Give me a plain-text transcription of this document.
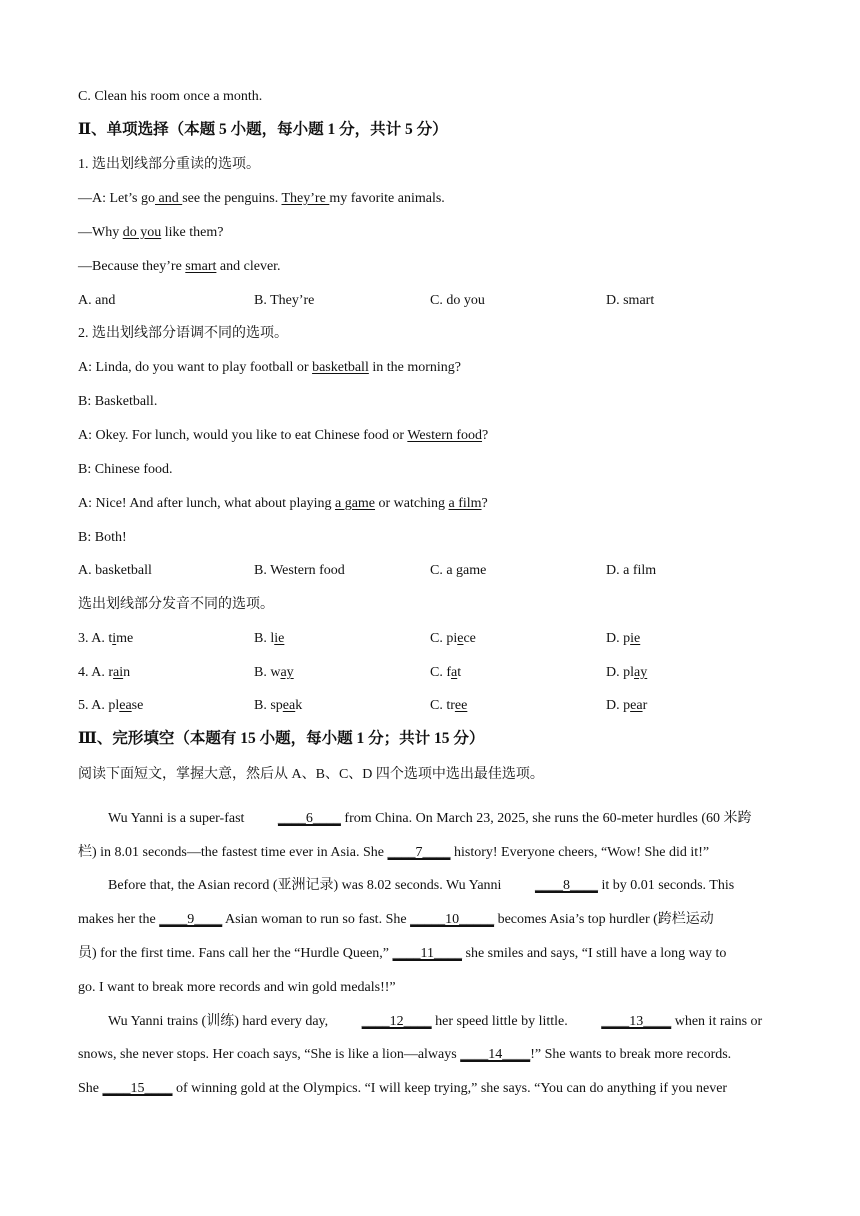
C. Clean his room once a month.
Ⅱ、单项选择（本题 5 小题，每小题 1 分，共计 5 分）
1. 选出划线部分重读的选项。
—A: Let’s go and see the penguins. They’re my favorite animals.
—Why do you like them?
—Because they’re smart and clever.
A. and	B. They’re	C. do you	D. smart
2. 选出划线部分语调不同的选项。
A: Linda, do you want to play football or basketball in the morning?
B: Basketball.
A: Okey. For lunch, would you like to eat Chinese food or Western food?
B: Chinese food.
A: Nice! And after lunch, what about playing a game or watching a film?
B: Both!
A. basketball	B. Western food	C. a game	D. a film
选出划线部分发音不同的选项。
3. A. time	B. lie	C. piece	D. pie
4. A. rain	B. way	C. fat	D. play
5. A. please	B. speak	C. tree	D. pear
Ⅲ、完形填空（本题有 15 小题，每小题 1 分；共计 15 分）
阅读下面短文，掌握大意，然后从 A、B、C、D 四个选项中选出最佳选项。
Wu Yanni is a super-fast ____6____ from China. On March 23, 2025, she runs the 60-meter hurdles (60 米跨
栏) in 8.01 seconds—the fastest time ever in Asia. She ____7____ history! Everyone cheers, “Wow! She did it!”
Before that, the Asian record (亚洲记录) was 8.02 seconds. Wu Yanni ____8____ it by 0.01 seconds. This
makes her the ____9____ Asian woman to run so fast. She _____10_____ becomes Asia’s top hurdler (跨栏运动
员) for the first time. Fans call her the “Hurdle Queen,” ____11____ she smiles and says, “I still have a long way to
go. I want to break more records and win gold medals!!”
Wu Yanni trains (训练) hard every day, ____12____ her speed little by little. ____13____ when it rains or
snows, she never stops. Her coach says, “She is like a lion—always ____14____!” She wants to break more records.
She ____15____ of winning gold at the Olympics. “I will keep trying,” she says. “You can do anything if you never
